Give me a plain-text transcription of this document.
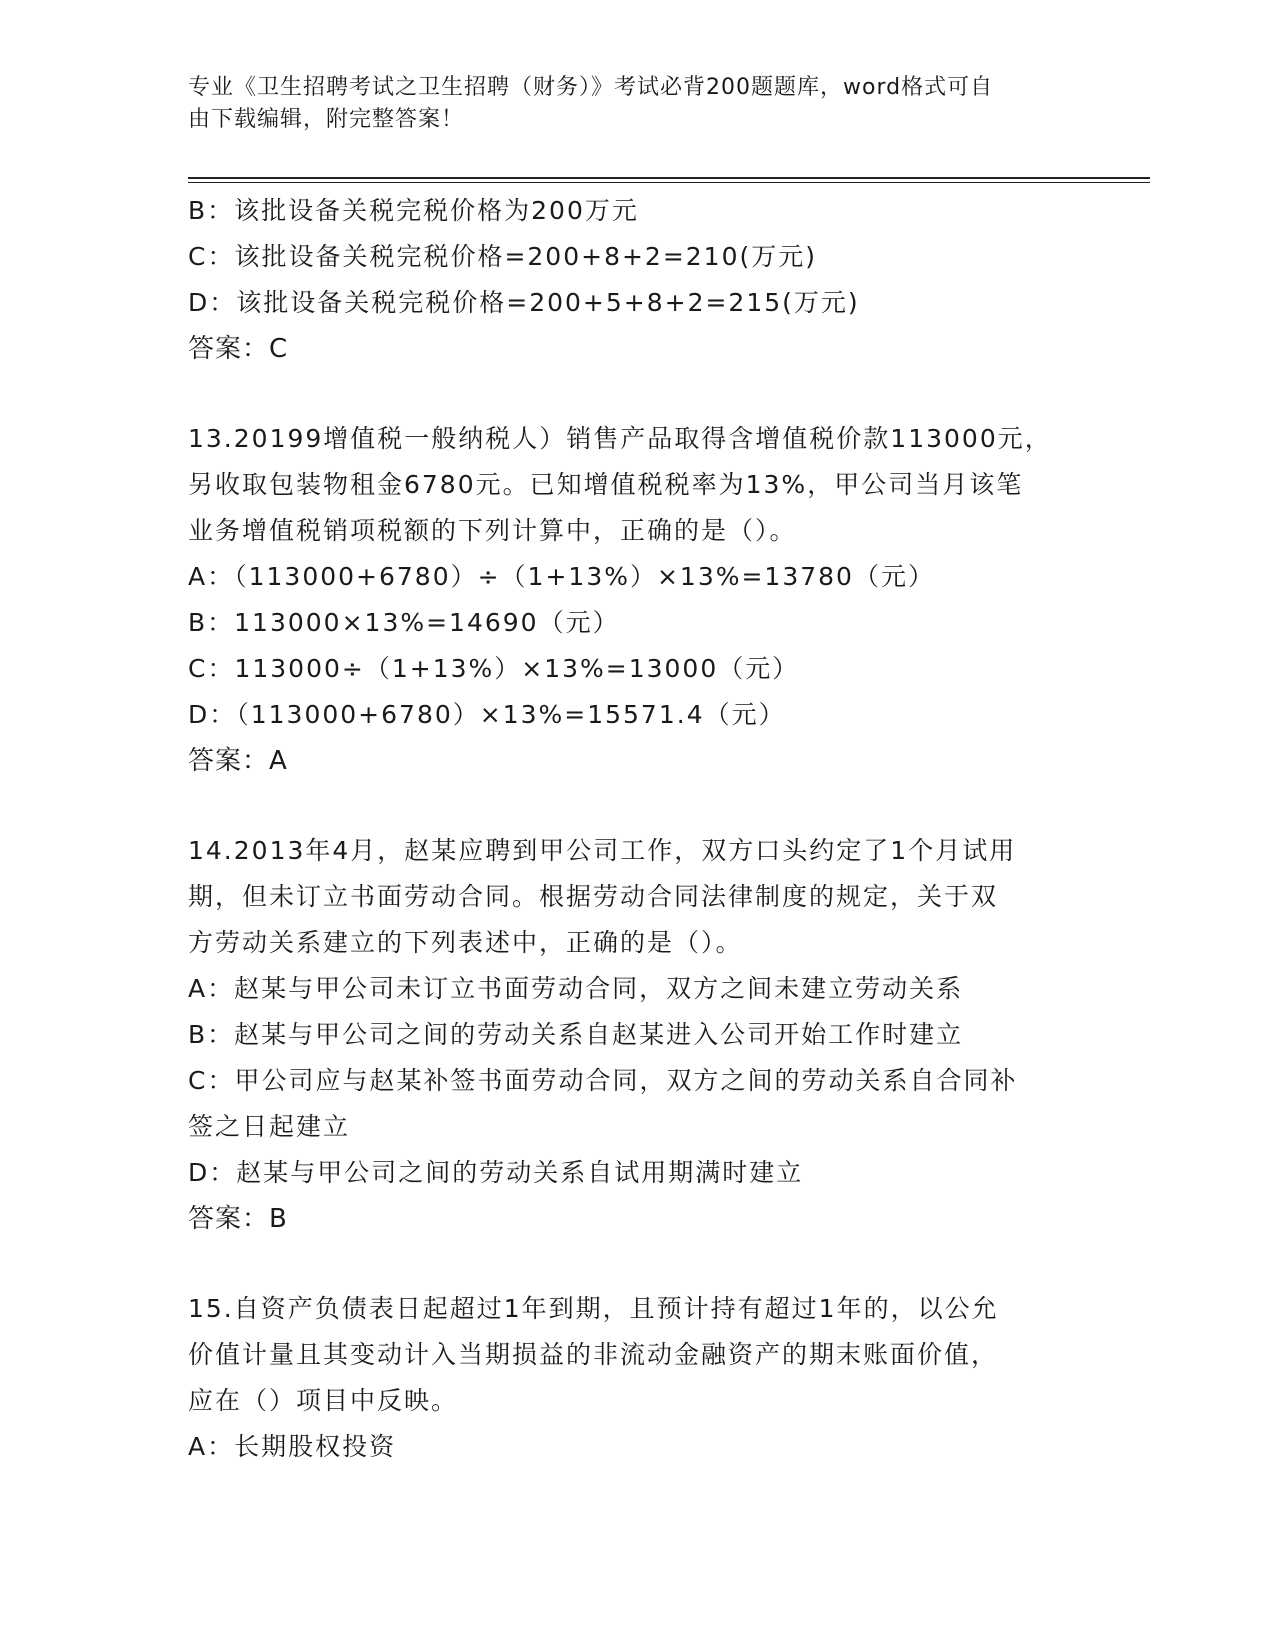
专业《卫生招聘考试之卫生招聘（财务）》考试必背200题题库，word格式可自
由下载编辑，附完整答案！
B：该批设备关税完税价格为200万元
C：该批设备关税完税价格=200+8+2=210(万元)
D：该批设备关税完税价格=200+5+8+2=215(万元)
答案：C
13.20199增值税一般纳税人）销售产品取得含增值税价款113000元，
另收取包装物租金6780元。已知增值税税率为13%，甲公司当月该笔
业务增值税销项税额的下列计算中，正确的是（）。
A：（113000+6780）÷（1+13%）×13%=13780（元）
B：113000×13%=14690（元）
C：113000÷（1+13%）×13%=13000（元）
D：（113000+6780）×13%=15571.4（元）
答案：A
14.2013年4月，赵某应聘到甲公司工作，双方口头约定了1个月试用
期，但未订立书面劳动合同。根据劳动合同法律制度的规定，关于双
方劳动关系建立的下列表述中，正确的是（）。
A：赵某与甲公司未订立书面劳动合同，双方之间未建立劳动关系
B：赵某与甲公司之间的劳动关系自赵某进入公司开始工作时建立
C：甲公司应与赵某补签书面劳动合同，双方之间的劳动关系自合同补
签之日起建立
D：赵某与甲公司之间的劳动关系自试用期满时建立
答案：B
15.自资产负债表日起超过1年到期，且预计持有超过1年的，以公允
价值计量且其变动计入当期损益的非流动金融资产的期末账面价值，
应在（）项目中反映。
A：长期股权投资
